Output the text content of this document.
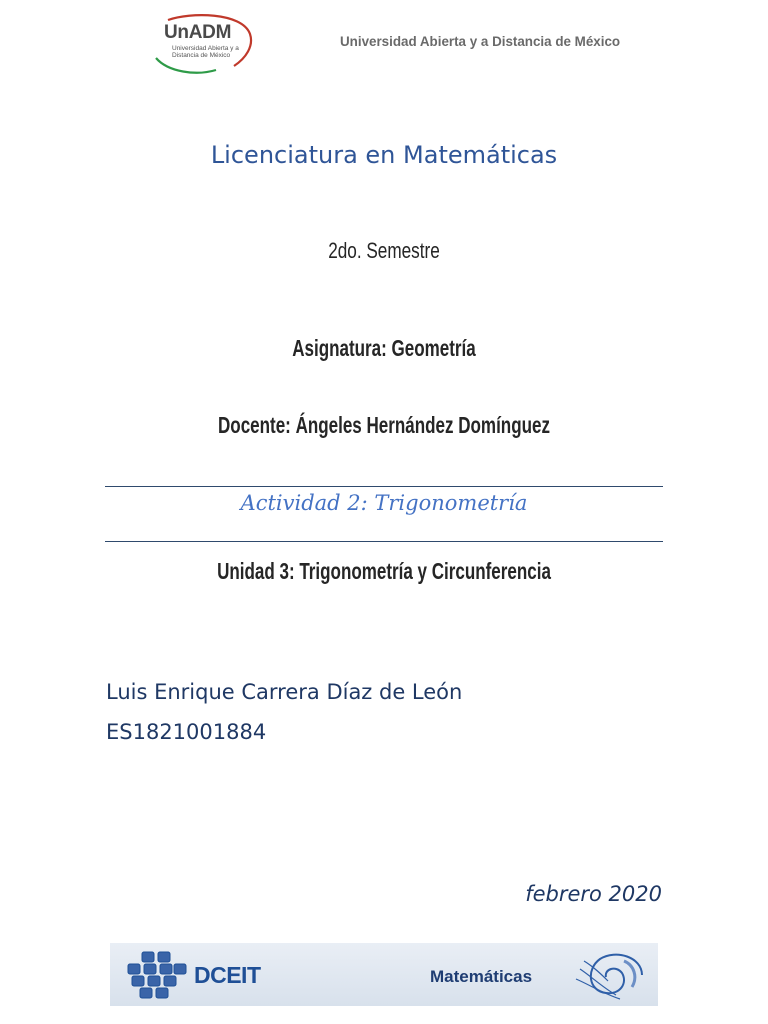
UnADM
Universidad Abierta y a Distancia de México
Universidad Abierta y a Distancia de México
Licenciatura en Matemáticas
2do. Semestre
Asignatura: Geometría
Docente: Ángeles Hernández Domínguez
Actividad 2: Trigonometría
Unidad 3: Trigonometría y Circunferencia
Luis Enrique Carrera Díaz de León
ES1821001884
febrero 2020
DCEIT	Matemáticas
